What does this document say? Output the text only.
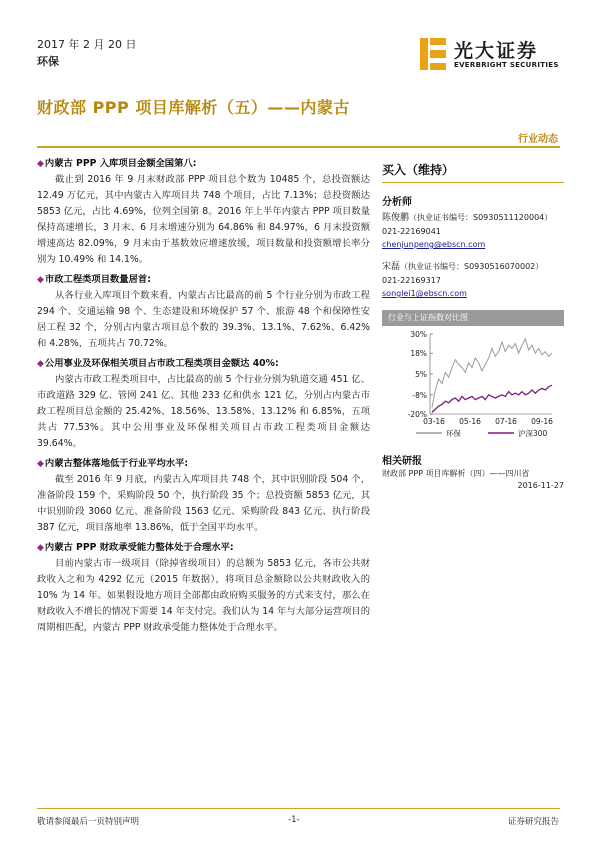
2017 年 2 月 20 日
环保	光大证券
EVERBRIGHT SECURITIES
财政部 PPP 项目库解析（五）——内蒙古
行业动态
◆内蒙古 PPP 入库项目金额全国第八:

截止到 2016 年 9 月末财政部 PPP 项目总个数为 10485 个，总投资额达 12.49 万亿元，其中内蒙古入库项目共 748 个项目，占比 7.13%；总投资额达 5853 亿元，占比 4.69%，位列全国第 8。2016 年上半年内蒙古 PPP 项目数量保持高速增长，3 月末、6 月末增速分别为 64.86% 和 84.97%，6 月末投资额增速高达 82.09%，9 月末由于基数效应增速放缓，项目数量和投资额增长率分别为 10.49% 和 14.1%。

◆市政工程类项目数量居首:

从各行业入库项目个数来看，内蒙古占比最高的前 5 个行业分别为市政工程 294 个、交通运输 98 个、生态建设和环境保护 57 个、旅游 48 个和保障性安居工程 32 个，分别占内蒙古项目总个数的 39.3%、13.1%、7.62%、6.42% 和 4.28%，五项共占 70.72%。

◆公用事业及环保相关项目占市政工程类项目金额达 40%:

内蒙古市政工程类项目中，占比最高的前 5 个行业分别为轨道交通 451 亿、市政道路 329 亿、管网 241 亿、其他 233 亿和供水 121 亿，分别占内蒙古市政工程项目总金额的 25.42%、18.56%、13.58%、13.12% 和 6.85%，五项共占 77.53%。其中公用事业及环保相关项目占市政工程类项目金额达 39.64%。

◆内蒙古整体落地低于行业平均水平:

截至 2016 年 9 月底，内蒙古入库项目共 748 个，其中识别阶段 504 个，准备阶段 159 个，采购阶段 50 个，执行阶段 35 个；总投资额 5853 亿元，其中识别阶段 3060 亿元、准备阶段 1563 亿元、采购阶段 843 亿元、执行阶段 387 亿元，项目落地率 13.86%，低于全国平均水平。

◆内蒙古 PPP 财政承受能力整体处于合理水平:

目前内蒙古市一级项目（除掉省级项目）的总额为 5853 亿元，各市公共财政收入之和为 4292 亿元（2015 年数据），将项目总金额除以公共财政收入的 10% 为 14 年。如果假设地方项目全部都由政府购买服务的方式来支付，那么在财政收入不增长的情况下需要 14 年支付完。我们认为 14 年与大部分运营项目的周期相匹配，内蒙古 PPP 财政承受能力整体处于合理水平。

买入（维持）
分析师
陈俊鹏（执业证书编号：S0930511120004）
021-22169041
chenjunpeng@ebscn.com
宋磊（执业证书编号：S0930516070002）
021-22169317
songlei1@ebscn.com
行业与上证指数对比图
30%
18%
5%
-8%
-20%
03-16 05-16 07-16 09-16
环保	沪深300
相关研报
财政部 PPP 项目库解析（四）——四川省
2016-11-27
敬请参阅最后一页特别声明	-1-	证券研究报告
